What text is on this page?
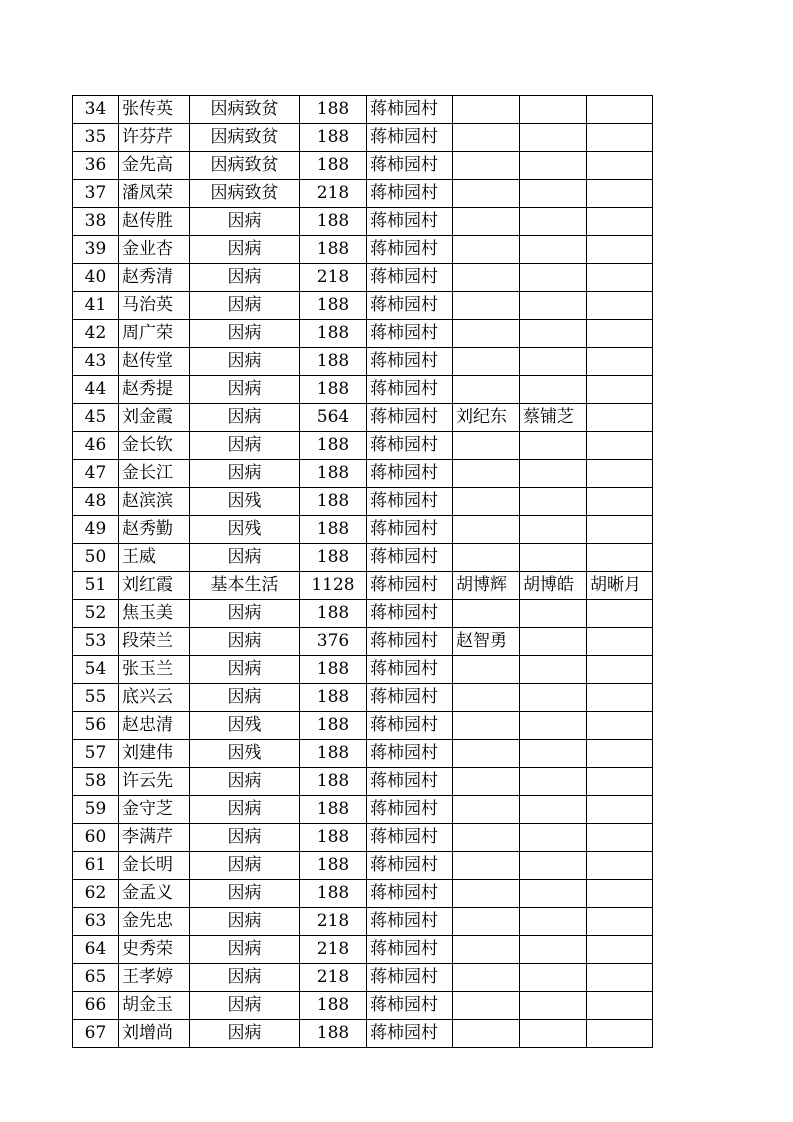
34	张传英	因病致贫	188	蒋柿园村			
35	许芬芹	因病致贫	188	蒋柿园村			
36	金先高	因病致贫	188	蒋柿园村			
37	潘凤荣	因病致贫	218	蒋柿园村			
38	赵传胜	因病	188	蒋柿园村			
39	金业杏	因病	188	蒋柿园村			
40	赵秀清	因病	218	蒋柿园村			
41	马治英	因病	188	蒋柿园村			
42	周广荣	因病	188	蒋柿园村			
43	赵传堂	因病	188	蒋柿园村			
44	赵秀提	因病	188	蒋柿园村			
45	刘金霞	因病	564	蒋柿园村	刘纪东	蔡铺芝	
46	金长钦	因病	188	蒋柿园村			
47	金长江	因病	188	蒋柿园村			
48	赵滨滨	因残	188	蒋柿园村			
49	赵秀勤	因残	188	蒋柿园村			
50	王威	因病	188	蒋柿园村			
51	刘红霞	基本生活	1128	蒋柿园村	胡博辉	胡博皓	胡晰月
52	焦玉美	因病	188	蒋柿园村			
53	段荣兰	因病	376	蒋柿园村	赵智勇		
54	张玉兰	因病	188	蒋柿园村			
55	底兴云	因病	188	蒋柿园村			
56	赵忠清	因残	188	蒋柿园村			
57	刘建伟	因残	188	蒋柿园村			
58	许云先	因病	188	蒋柿园村			
59	金守芝	因病	188	蒋柿园村			
60	李满芹	因病	188	蒋柿园村			
61	金长明	因病	188	蒋柿园村			
62	金孟义	因病	188	蒋柿园村			
63	金先忠	因病	218	蒋柿园村			
64	史秀荣	因病	218	蒋柿园村			
65	王孝婷	因病	218	蒋柿园村			
66	胡金玉	因病	188	蒋柿园村			
67	刘增尚	因病	188	蒋柿园村			
